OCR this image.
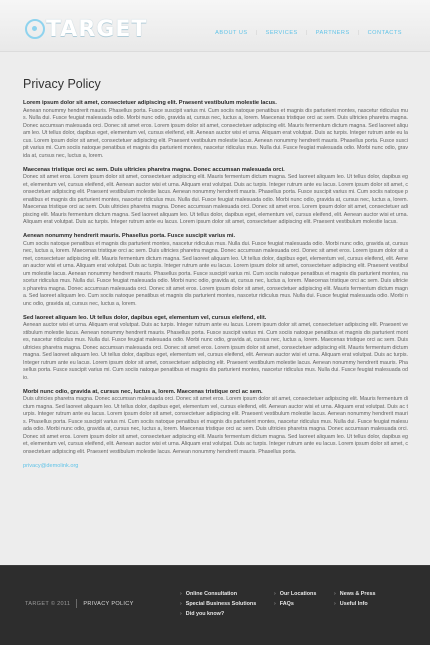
TARGET	ABOUT US | SERVICES | PARTNERS | CONTACTS
Privacy Policy
Lorem ipsum dolor sit amet, consectetuer adipiscing elit. Praesent vestibulum molestie lacus.
Aenean nonummy hendrerit mauris. Phasellus porta. Fusce suscipit varius mi. Cum sociis natoque penatibus et magnis dis parturient montes, nascetur ridiculus mus. Nulla dui. Fusce feugiat malesuada odio. Morbi nunc odio, gravida at, cursus nec, luctus a, lorem. Maecenas tristique orci ac sem. Duis ultricies pharetra magna. Donec accumsan malesuada orci. Donec sit amet eros. Lorem ipsum dolor sit amet, consectetuer adipiscing elit. Mauris fermentum dictum magna. Sed laoreet aliquam leo. Ut tellus dolor, dapibus eget, elementum vel, cursus eleifend, elit. Aenean auctor wisi et urna. Aliquam erat volutpat. Duis ac turpis. Integer rutrum ante eu lacus. Lorem ipsum dolor sit amet, consectetuer adipiscing elit. Praesent vestibulum molestie lacus. Aenean nonummy hendrerit mauris. Phasellus porta. Fusce suscipit varius mi. Cum sociis natoque penatibus et magnis dis parturient montes, nascetur ridiculus mus. Nulla dui. Fusce feugiat malesuada odio. Morbi nunc odio, gravida at, cursus nec, luctus a, lorem.
Maecenas tristique orci ac sem. Duis ultricies pharetra magna. Donec accumsan malesuada orci.
Donec sit amet eros. Lorem ipsum dolor sit amet, consectetuer adipiscing elit. Mauris fermentum dictum magna. Sed laoreet aliquam leo. Ut tellus dolor, dapibus eget, elementum vel, cursus eleifend, elit. Aenean auctor wisi et urna. Aliquam erat volutpat. Duis ac turpis. Integer rutrum ante eu lacus. Lorem ipsum dolor sit amet, consectetuer adipiscing elit. Praesent vestibulum molestie lacus. Aenean nonummy hendrerit mauris. Phasellus porta. Fusce suscipit varius mi. Cum sociis natoque penatibus et magnis dis parturient montes, nascetur ridiculus mus. Nulla dui. Fusce feugiat malesuada odio. Morbi nunc odio, gravida at, cursus nec, luctus a, lorem. Maecenas tristique orci ac sem. Duis ultricies pharetra magna. Donec accumsan malesuada orci. Donec sit amet eros. Lorem ipsum dolor sit amet, consectetuer adipiscing elit. Mauris fermentum dictum magna. Sed laoreet aliquam leo. Ut tellus dolor, dapibus eget, elementum vel, cursus eleifend, elit. Aenean auctor wisi et urna. Aliquam erat volutpat. Duis ac turpis. Integer rutrum ante eu lacus. Lorem ipsum dolor sit amet, consectetuer adipiscing elit. Praesent vestibulum molestie lacus.
Aenean nonummy hendrerit mauris. Phasellus porta. Fusce suscipit varius mi.
Cum sociis natoque penatibus et magnis dis parturient montes, nascetur ridiculus mus. Nulla dui. Fusce feugiat malesuada odio. Morbi nunc odio, gravida at, cursus nec, luctus a, lorem. Maecenas tristique orci ac sem. Duis ultricies pharetra magna. Donec accumsan malesuada orci. Donec sit amet eros. Lorem ipsum dolor sit amet, consectetuer adipiscing elit. Mauris fermentum dictum magna. Sed laoreet aliquam leo. Ut tellus dolor, dapibus eget, elementum vel, cursus eleifend, elit. Aenean auctor wisi et urna. Aliquam erat volutpat. Duis ac turpis. Integer rutrum ante eu lacus. Lorem ipsum dolor sit amet, consectetuer adipiscing elit. Praesent vestibulum molestie lacus. Aenean nonummy hendrerit mauris. Phasellus porta. Fusce suscipit varius mi. Cum sociis natoque penatibus et magnis dis parturient montes, nascetur ridiculus mus. Nulla dui. Fusce feugiat malesuada odio. Morbi nunc odio, gravida at, cursus nec, luctus a, lorem. Maecenas tristique orci ac sem. Duis ultricies pharetra magna. Donec accumsan malesuada orci. Donec sit amet eros. Lorem ipsum dolor sit amet, consectetuer adipiscing elit. Mauris fermentum dictum magna. Sed laoreet aliquam leo. Cum sociis natoque penatibus et magnis dis parturient montes, nascetur ridiculus mus. Nulla dui. Fusce feugiat malesuada odio. Morbi nunc odio, gravida at, cursus nec, luctus a, lorem.
Sed laoreet aliquam leo. Ut tellus dolor, dapibus eget, elementum vel, cursus eleifend, elit.
Aenean auctor wisi et urna. Aliquam erat volutpat. Duis ac turpis. Integer rutrum ante eu lacus. Lorem ipsum dolor sit amet, consectetuer adipiscing elit. Praesent vestibulum molestie lacus. Aenean nonummy hendrerit mauris. Phasellus porta. Fusce suscipit varius mi. Cum sociis natoque penatibus et magnis dis parturient montes, nascetur ridiculus mus. Nulla dui. Fusce feugiat malesuada odio. Morbi nunc odio, gravida at, cursus nec, luctus a, lorem. Maecenas tristique orci ac sem. Duis ultricies pharetra magna. Donec accumsan malesuada orci. Donec sit amet eros. Lorem ipsum dolor sit amet, consectetuer adipiscing elit. Mauris fermentum dictum magna. Sed laoreet aliquam leo. Ut tellus dolor, dapibus eget, elementum vel, cursus eleifend, elit. Aenean auctor wisi et urna. Aliquam erat volutpat. Duis ac turpis. Integer rutrum ante eu lacus. Lorem ipsum dolor sit amet, consectetuer adipiscing elit. Praesent vestibulum molestie lacus. Aenean nonummy hendrerit mauris. Phasellus porta. Fusce suscipit varius mi. Cum sociis natoque penatibus et magnis dis parturient montes, nascetur ridiculus mus. Nulla dui. Fusce feugiat malesuada odio.
Morbi nunc odio, gravida at, cursus nec, luctus a, lorem. Maecenas tristique orci ac sem.
Duis ultricies pharetra magna. Donec accumsan malesuada orci. Donec sit amet eros. Lorem ipsum dolor sit amet, consectetuer adipiscing elit. Mauris fermentum dictum magna. Sed laoreet aliquam leo. Ut tellus dolor, dapibus eget, elementum vel, cursus eleifend, elit. Aenean auctor wisi et urna. Aliquam erat volutpat. Duis ac turpis. Integer rutrum ante eu lacus. Lorem ipsum dolor sit amet, consectetuer adipiscing elit. Praesent vestibulum molestie lacus. Aenean nonummy hendrerit mauris. Phasellus porta. Fusce suscipit varius mi. Cum sociis natoque penatibus et magnis dis parturient montes, nascetur ridiculus mus. Nulla dui. Fusce feugiat malesuada odio. Morbi nunc odio, gravida at, cursus nec, luctus a, lorem. Maecenas tristique orci ac sem. Duis ultricies pharetra magna. Donec accumsan malesuada orci. Donec sit amet eros. Lorem ipsum dolor sit amet, consectetuer adipiscing elit. Mauris fermentum dictum magna. Sed laoreet aliquam leo. Ut tellus dolor, dapibus eget, elementum vel, cursus eleifend, elit. Aenean auctor wisi et urna. Aliquam erat volutpat. Duis ac turpis. Integer rutrum ante eu lacus. Lorem ipsum dolor sit amet, consectetuer adipiscing elit. Praesent vestibulum molestie lacus. Aenean nonummy hendrerit mauris. Phasellus porta.
privacy@demolink.org
TARGET © 2011 PRIVACY POLICY
› Online Consultation
› Special Business Solutions
› Did you know?
› Our Locations
› FAQs
› News & Press
› Useful Info
